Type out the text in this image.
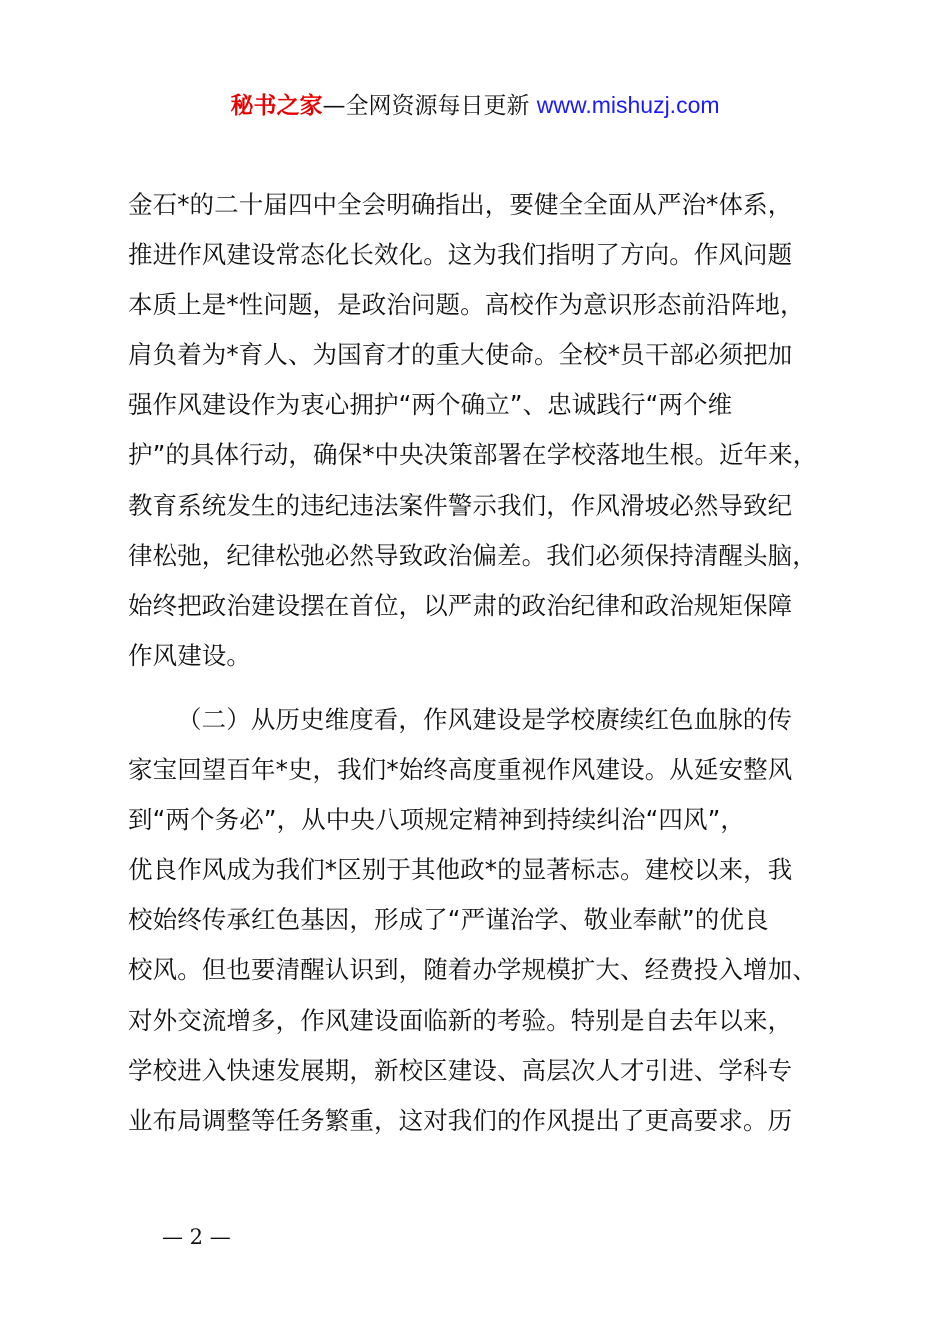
秘书之家—全网资源每日更新 www.mishuzj.com
金石*的二十届四中全会明确指出，要健全全面从严治*体系，
推进作风建设常态化长效化。这为我们指明了方向。作风问题
本质上是*性问题，是政治问题。高校作为意识形态前沿阵地，
肩负着为*育人、为国育才的重大使命。全校*员干部必须把加
强作风建设作为衷心拥护“两个确立”、忠诚践行“两个维
护”的具体行动，确保*中央决策部署在学校落地生根。近年来，
教育系统发生的违纪违法案件警示我们，作风滑坡必然导致纪
律松弛，纪律松弛必然导致政治偏差。我们必须保持清醒头脑，
始终把政治建设摆在首位，以严肃的政治纪律和政治规矩保障
作风建设。
（二）从历史维度看，作风建设是学校赓续红色血脉的传
家宝回望百年*史，我们*始终高度重视作风建设。从延安整风
到“两个务必”，从中央八项规定精神到持续纠治“四风”，
优良作风成为我们*区别于其他政*的显著标志。建校以来，我
校始终传承红色基因，形成了“严谨治学、敬业奉献”的优良
校风。但也要清醒认识到，随着办学规模扩大、经费投入增加、
对外交流增多，作风建设面临新的考验。特别是自去年以来，
学校进入快速发展期，新校区建设、高层次人才引进、学科专
业布局调整等任务繁重，这对我们的作风提出了更高要求。历
— 2 —
